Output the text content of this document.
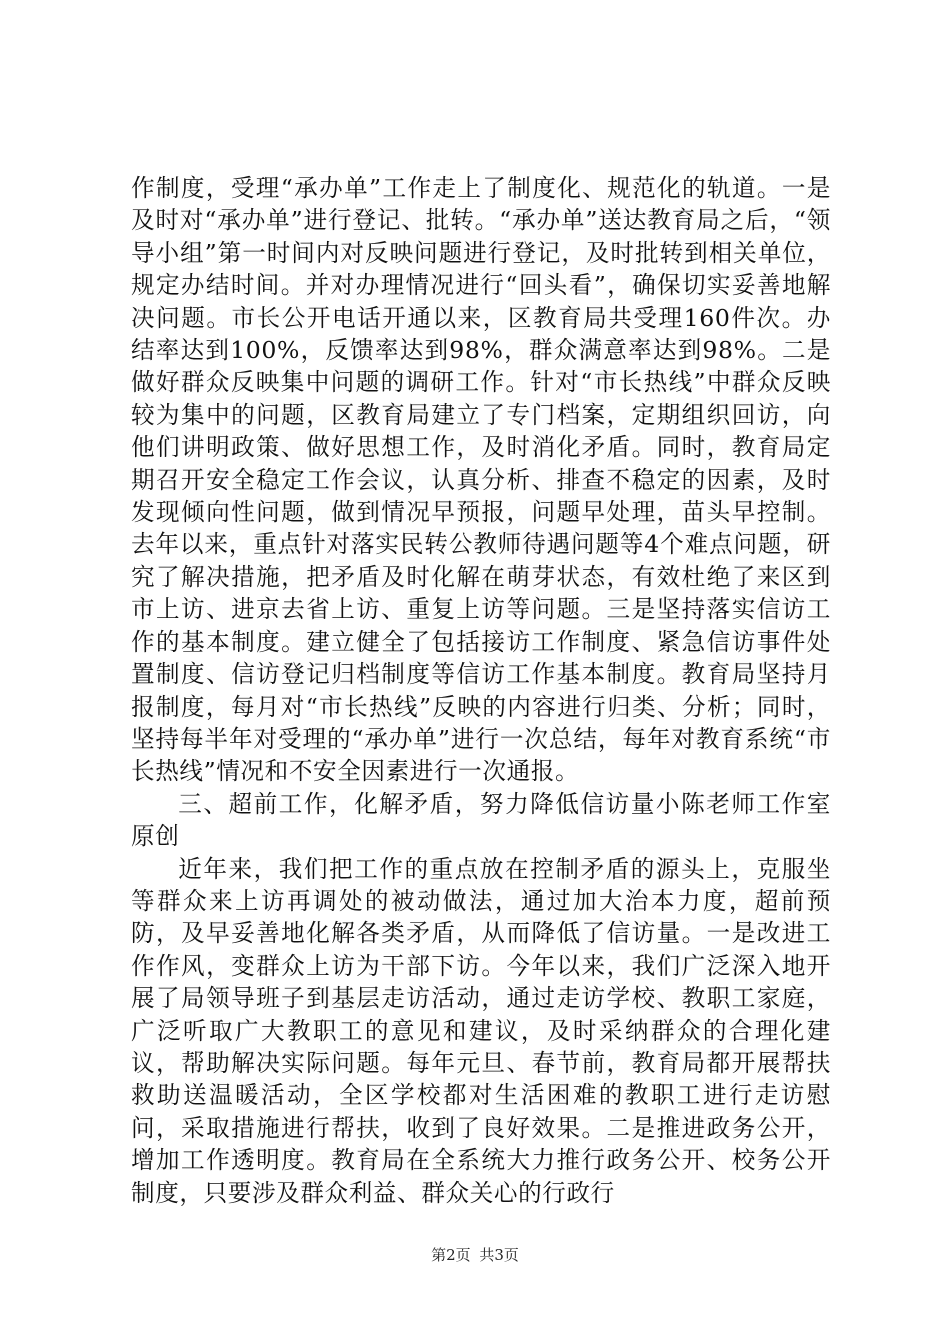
作制度，受理“承办单”工作走上了制度化、规范化的轨道。一是及时对“承办单”进行登记、批转。“承办单”送达教育局之后，“领导小组”第一时间内对反映问题进行登记，及时批转到相关单位，规定办结时间。并对办理情况进行“回头看”，确保切实妥善地解决问题。市长公开电话开通以来，区教育局共受理160件次。办结率达到100%，反馈率达到98%，群众满意率达到98%。二是做好群众反映集中问题的调研工作。针对“市长热线”中群众反映较为集中的问题，区教育局建立了专门档案，定期组织回访，向他们讲明政策、做好思想工作，及时消化矛盾。同时，教育局定期召开安全稳定工作会议，认真分析、排查不稳定的因素，及时发现倾向性问题，做到情况早预报，问题早处理，苗头早控制。去年以来，重点针对落实民转公教师待遇问题等4个难点问题，研究了解决措施，把矛盾及时化解在萌芽状态，有效杜绝了来区到市上访、进京去省上访、重复上访等问题。三是坚持落实信访工作的基本制度。建立健全了包括接访工作制度、紧急信访事件处置制度、信访登记归档制度等信访工作基本制度。教育局坚持月报制度，每月对“市长热线”反映的内容进行归类、分析；同时，坚持每半年对受理的“承办单”进行一次总结，每年对教育系统“市长热线”情况和不安全因素进行一次通报。

三、超前工作，化解矛盾，努力降低信访量小陈老师工作室原创

近年来，我们把工作的重点放在控制矛盾的源头上，克服坐等群众来上访再调处的被动做法，通过加大治本力度，超前预防，及早妥善地化解各类矛盾，从而降低了信访量。一是改进工作作风，变群众上访为干部下访。今年以来，我们广泛深入地开展了局领导班子到基层走访活动，通过走访学校、教职工家庭，广泛听取广大教职工的意见和建议，及时采纳群众的合理化建议，帮助解决实际问题。每年元旦、春节前，教育局都开展帮扶救助送温暖活动，全区学校都对生活困难的教职工进行走访慰问，采取措施进行帮扶，收到了良好效果。二是推进政务公开，增加工作透明度。教育局在全系统大力推行政务公开、校务公开制度，只要涉及群众利益、群众关心的行政行

第2页 共3页
